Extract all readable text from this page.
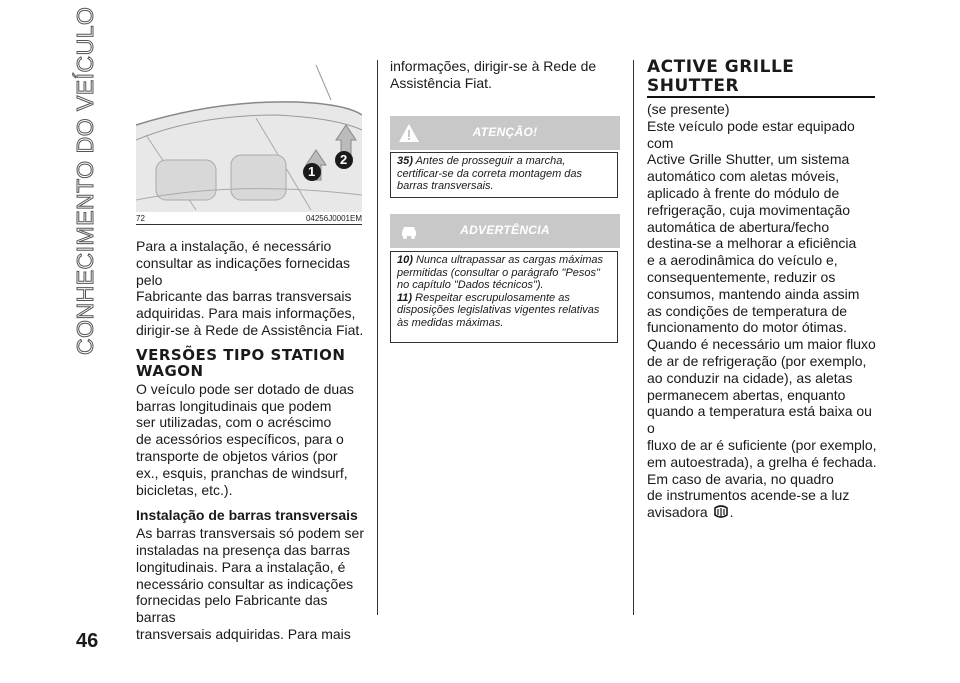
CONHECIMENTO DO VEÍCULO	1
2
72	04256J0001EM

Para a instalação, é necessário

consultar as indicações fornecidas pelo

Fabricante das barras transversais

adquiridas. Para mais informações,

dirigir-se à Rede de Assistência Fiat.

VERSÕES TIPO STATION
WAGON

O veículo pode ser dotado de duas

barras longitudinais que podem

ser utilizadas, com o acréscimo

de acessórios específicos, para o

transporte de objetos vários (por

ex., esquis, pranchas de windsurf,

bicicletas, etc.).

Instalação de barras transversais

As barras transversais só podem ser

instaladas na presença das barras

longitudinais. Para a instalação, é

necessário consultar as indicações

fornecidas pelo Fabricante das barras

transversais adquiridas. Para mais

informações, dirigir-se à Rede de

Assistência Fiat.

ATENÇÃO!
35) Antes de prosseguir a marcha,
certificar-se da correta montagem das
barras transversais.
ADVERTÊNCIA
10) Nunca ultrapassar as cargas máximas
permitidas (consultar o parágrafo "Pesos"
no capítulo "Dados técnicos").
11) Respeitar escrupulosamente as
disposições legislativas vigentes relativas
às medidas máximas.
ACTIVE GRILLE
SHUTTER

(se presente)

Este veículo pode estar equipado com

Active Grille Shutter, um sistema

automático com aletas móveis,

aplicado à frente do módulo de

refrigeração, cuja movimentação

automática de abertura/fecho

destina-se a melhorar a eficiência

e a aerodinâmica do veículo e,

consequentemente, reduzir os

consumos, mantendo ainda assim

as condições de temperatura de

funcionamento do motor ótimas.

Quando é necessário um maior fluxo

de ar de refrigeração (por exemplo,

ao conduzir na cidade), as aletas

permanecem abertas, enquanto

quando a temperatura está baixa ou o

fluxo de ar é suficiente (por exemplo,

em autoestrada), a grelha é fechada.

Em caso de avaria, no quadro

de instrumentos acende-se a luz

avisadora .

46
